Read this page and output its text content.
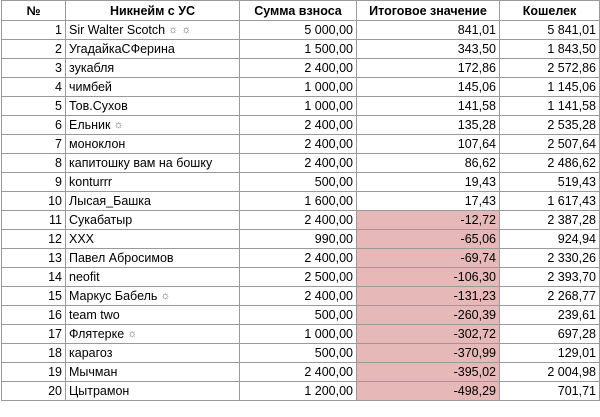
№	Никнейм с УС	Сумма взноса	Итоговое значение	Кошелек
1	Sir Walter Scotch ☼ ☼	5 000,00	841,01	5 841,01
2	УгадайкаСФерина	1 500,00	343,50	1 843,50
3	зукабля	2 400,00	172,86	2 572,86
4	чимбей	1 000,00	145,06	1 145,06
5	Тов.Сухов	1 000,00	141,58	1 141,58
6	Ельник ☼	2 400,00	135,28	2 535,28
7	моноклон	2 400,00	107,64	2 507,64
8	капитошку вам на бошку	2 400,00	86,62	2 486,62
9	konturrr	500,00	19,43	519,43
10	Лысая_Башка	1 600,00	17,43	1 617,43
11	Сукабатыр	2 400,00	-12,72	2 387,28
12	XXX	990,00	-65,06	924,94
13	Павел Абросимов	2 400,00	-69,74	2 330,26
14	neofit	2 500,00	-106,30	2 393,70
15	Маркус Бабель ☼	2 400,00	-131,23	2 268,77
16	team two	500,00	-260,39	239,61
17	Флятерке ☼	1 000,00	-302,72	697,28
18	карагоз	500,00	-370,99	129,01
19	Мычман	2 400,00	-395,02	2 004,98
20	Цытрамон	1 200,00	-498,29	701,71
